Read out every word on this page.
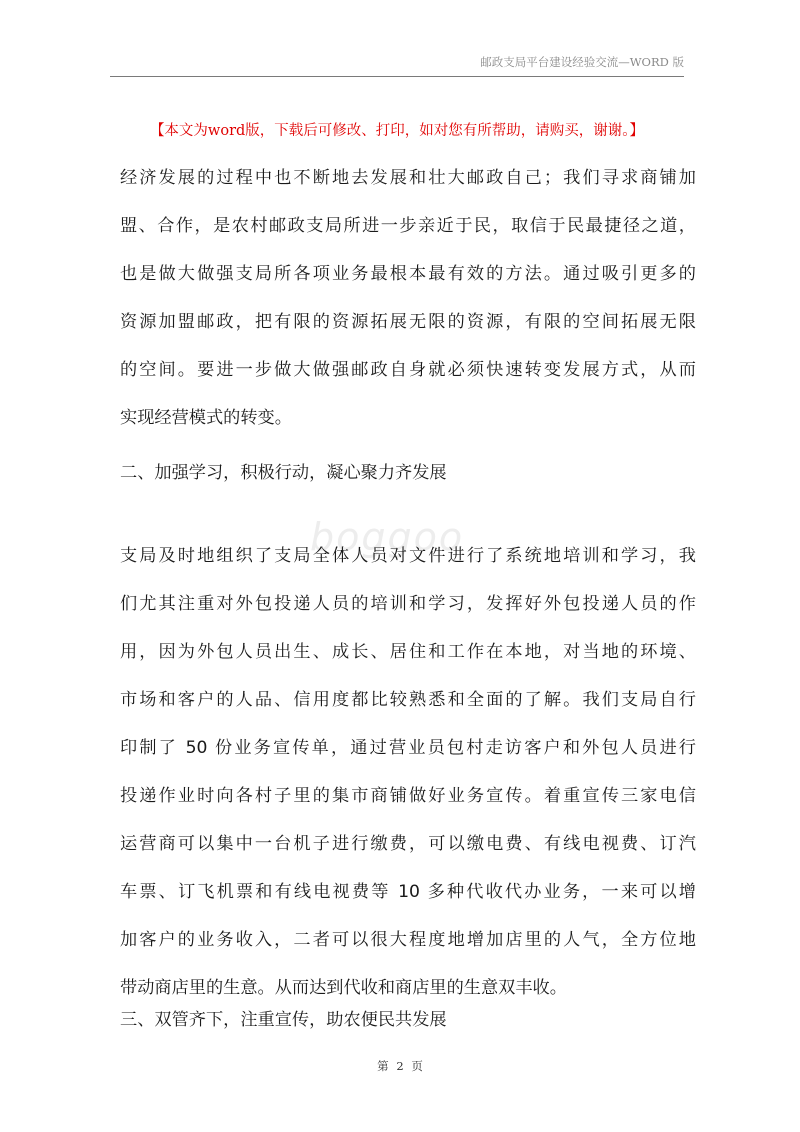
邮政支局平台建设经验交流—WORD 版
【本文为word版，下载后可修改、打印，如对您有所帮助，请购买，谢谢。】
boggoo
经济发展的过程中也不断地去发展和壮大邮政自己；我们寻求商铺加
盟、合作，是农村邮政支局所进一步亲近于民，取信于民最捷径之道，
也是做大做强支局所各项业务最根本最有效的方法。通过吸引更多的
资源加盟邮政，把有限的资源拓展无限的资源，有限的空间拓展无限
的空间。要进一步做大做强邮政自身就必须快速转变发展方式，从而
实现经营模式的转变。
二、加强学习，积极行动，凝心聚力齐发展
支局及时地组织了支局全体人员对文件进行了系统地培训和学习，我
们尤其注重对外包投递人员的培训和学习，发挥好外包投递人员的作
用，因为外包人员出生、成长、居住和工作在本地，对当地的环境、
市场和客户的人品、信用度都比较熟悉和全面的了解。我们支局自行
印制了 50 份业务宣传单，通过营业员包村走访客户和外包人员进行
投递作业时向各村子里的集市商铺做好业务宣传。着重宣传三家电信
运营商可以集中一台机子进行缴费，可以缴电费、有线电视费、订汽
车票、订飞机票和有线电视费等 10 多种代收代办业务，一来可以增
加客户的业务收入，二者可以很大程度地增加店里的人气，全方位地
带动商店里的生意。从而达到代收和商店里的生意双丰收。
三、双管齐下，注重宣传，助农便民共发展
第 2 页
